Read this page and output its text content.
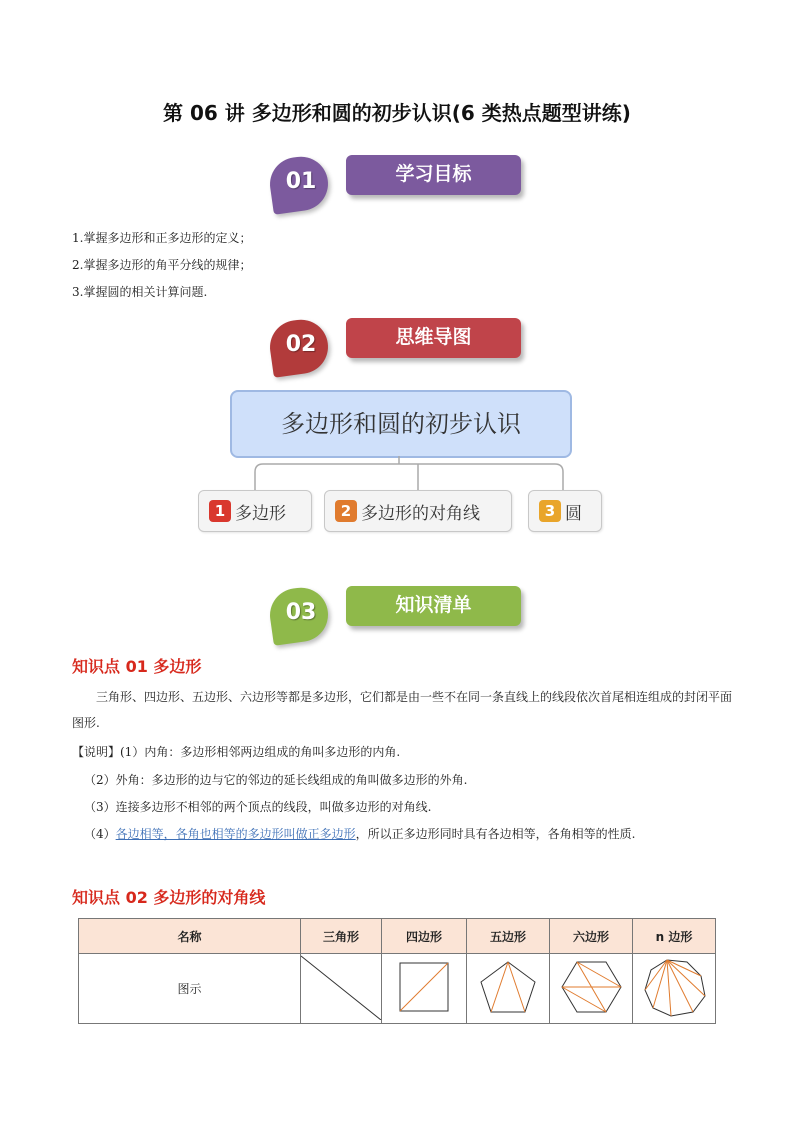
第 06 讲 多边形和圆的初步认识(6 类热点题型讲练)
01	学习目标
1.掌握多边形和正多边形的定义；
2.掌握多边形的角平分线的规律；
3.掌握圆的相关计算问题.
02	思维导图
多边形和圆的初步认识
1 多边形	2 多边形的对角线	3 圆
03	知识清单
知识点 01 多边形
三角形、四边形、五边形、六边形等都是多边形，它们都是由一些不在同一条直线上的线段依次首尾相连组成的封闭平面图形.
【说明】(1）内角：多边形相邻两边组成的角叫多边形的内角.
（2）外角：多边形的边与它的邻边的延长线组成的角叫做多边形的外角.
（3）连接多边形不相邻的两个顶点的线段，叫做多边形的对角线.
（4）各边相等，各角也相等的多边形叫做正多边形，所以正多边形同时具有各边相等，各角相等的性质.
知识点 02 多边形的对角线
名称	三角形	四边形	五边形	六边形	n 边形
图示					
